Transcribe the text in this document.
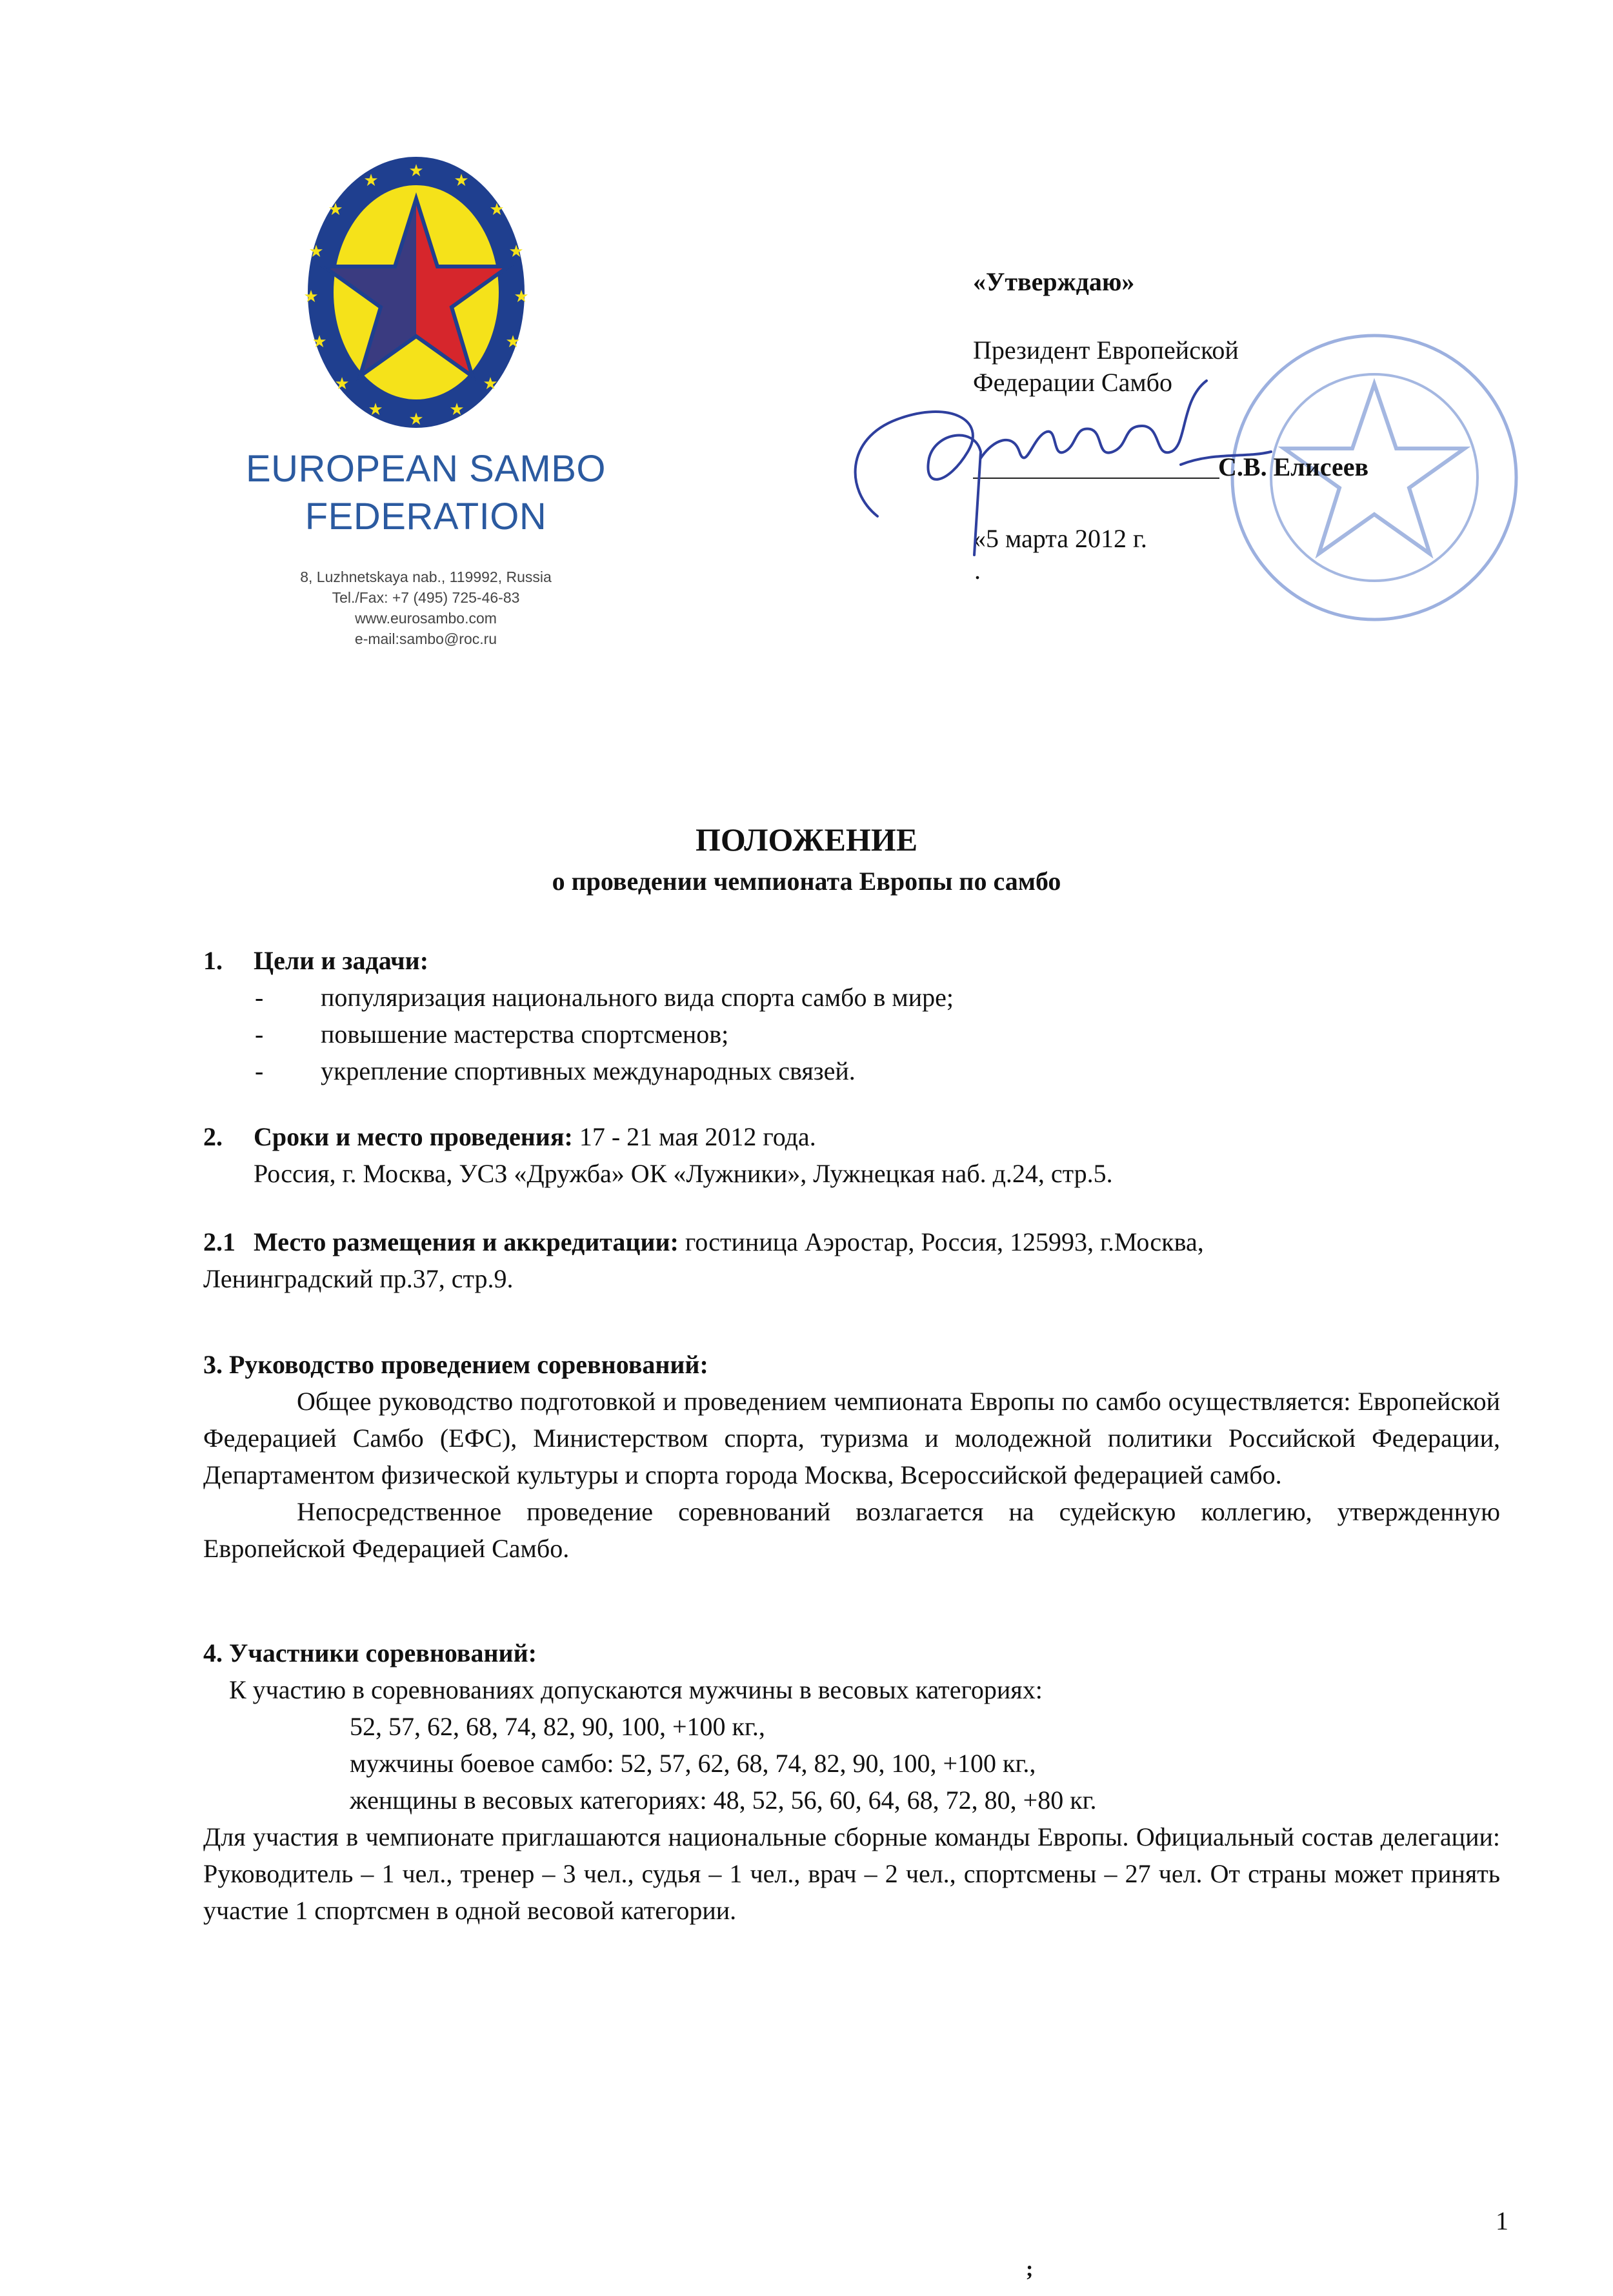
★ ★
★
★
★
★
★
★
★
★
★
★
★
★
★
★
EUROPEAN SAMBO
FEDERATION
8, Luzhnetskaya nab., 119992, Russia
Tel./Fax: +7 (495) 725-46-83
www.eurosambo.com
e-mail:sambo@roc.ru
«Утверждаю»
Президент Европейской
Федерации Самбо
С.В. Елисеев
«5 марта 2012 г.
.
ПОЛОЖЕНИЕ
о проведении чемпионата Европы по самбо
1. Цели и задачи:
- популяризация национального вида спорта самбо в мире;
- повышение мастерства спортсменов;
- укрепление спортивных международных связей.
2. Сроки и место проведения: 17 - 21 мая 2012 года.
Россия, г. Москва, УСЗ «Дружба» ОК «Лужники», Лужнецкая наб. д.24, стр.5.
2.1 Место размещения и аккредитации: гостиница Аэростар, Россия, 125993, г.Москва,
Ленинградский пр.37, стр.9.
3. Руководство проведением соревнований:
Общее руководство подготовкой и проведением чемпионата Европы по самбо осуществляется: Европейской Федерацией Самбо (ЕФС), Министерством спорта, туризма и молодежной политики Российской Федерации, Департаментом физической культуры и спорта города Москва, Всероссийской федерацией самбо.
Непосредственное проведение соревнований возлагается на судейскую коллегию, утвержденную Европейской Федерацией Самбо.
4. Участники соревнований:
К участию в соревнованиях допускаются мужчины в весовых категориях:
52, 57, 62, 68, 74, 82, 90, 100, +100 кг.,
мужчины боевое самбо: 52, 57, 62, 68, 74, 82, 90, 100, +100 кг.,
женщины в весовых категориях: 48, 52, 56, 60, 64, 68, 72, 80, +80 кг.
Для участия в чемпионате приглашаются национальные сборные команды Европы. Официальный состав делегации: Руководитель – 1 чел., тренер – 3 чел., судья – 1 чел., врач – 2 чел., спортсмены – 27 чел. От страны может принять участие 1 спортсмен в одной весовой категории.
1
;
